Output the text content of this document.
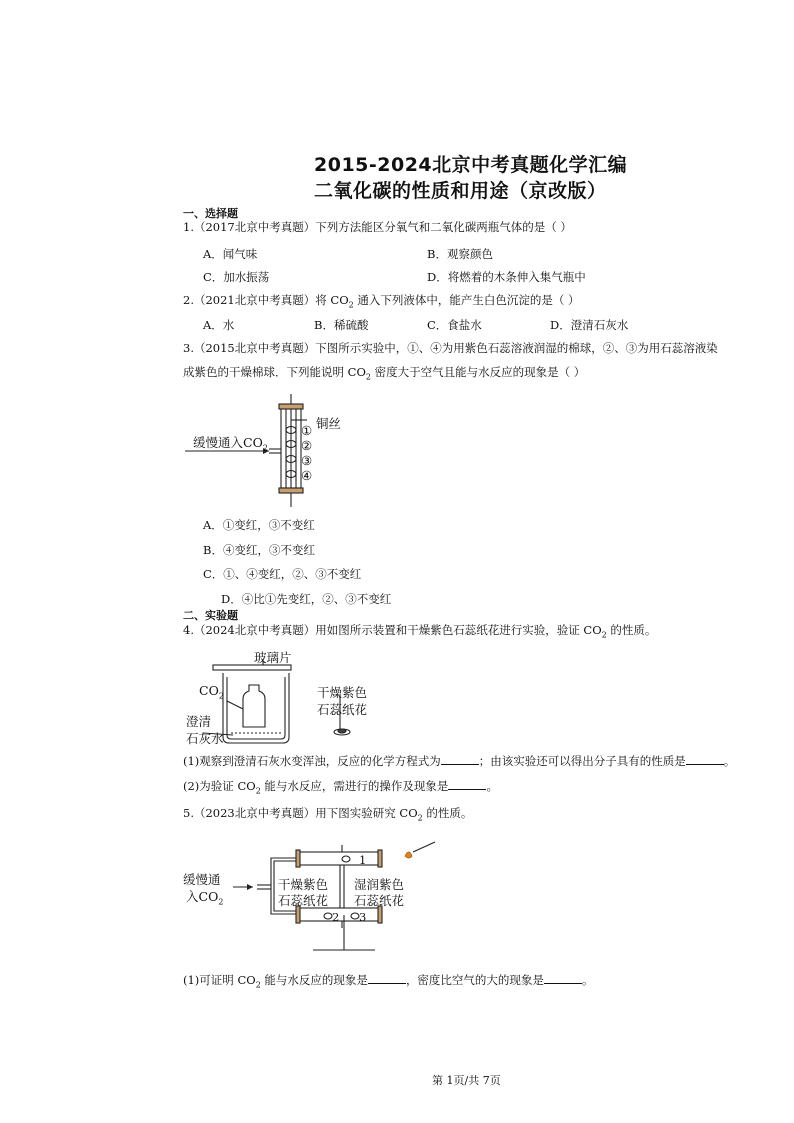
2015-2024北京中考真题化学汇编
二氧化碳的性质和用途（京改版）
一、选择题
1.（2017北京中考真题）下列方法能区分氧气和二氧化碳两瓶气体的是（ ）
A．闻气味	B．观察颜色
C．加水振荡	D．将燃着的木条伸入集气瓶中
2.（2021北京中考真题）将 $CO_2$ 通入下列液体中，能产生白色沉淀的是（ ）
A．水	B．稀硫酸	C．食盐水	D．澄清石灰水
3.（2015北京中考真题）下图所示实验中，①、④为用紫色石蕊溶液润湿的棉球，②、③为用石蕊溶液染
成紫色的干燥棉球．下列能说明 $CO_2$ 密度大于空气且能与水反应的现象是（ ）
缓慢通入$CO_2$
铜丝
①
②
③
④
A．①变红，③不变红
B．④变红，③不变红
C．①、④变红，②、③不变红
D．④比①先变红，②、③不变红
二、实验题
4.（2024北京中考真题）用如图所示装置和干燥紫色石蕊纸花进行实验，验证 $CO_2$ 的性质。
玻璃片
$CO_2$
澄清
石灰水
干燥紫色
石蕊纸花
(1)观察到澄清石灰水变浑浊，反应的化学方程式为	；由该实验还可以得出分子具有的性质是	。
(2)为验证 $CO_2$ 能与水反应，需进行的操作及现象是	。
5.（2023北京中考真题）用下图实验研究 $CO_2$ 的性质。
缓慢通
入$CO_2$
干燥紫色
石蕊纸花
湿润紫色
石蕊纸花
1
2 3
(1)可证明 $CO_2$ 能与水反应的现象是	，密度比空气的大的现象是	。
第 1页/共 7页
